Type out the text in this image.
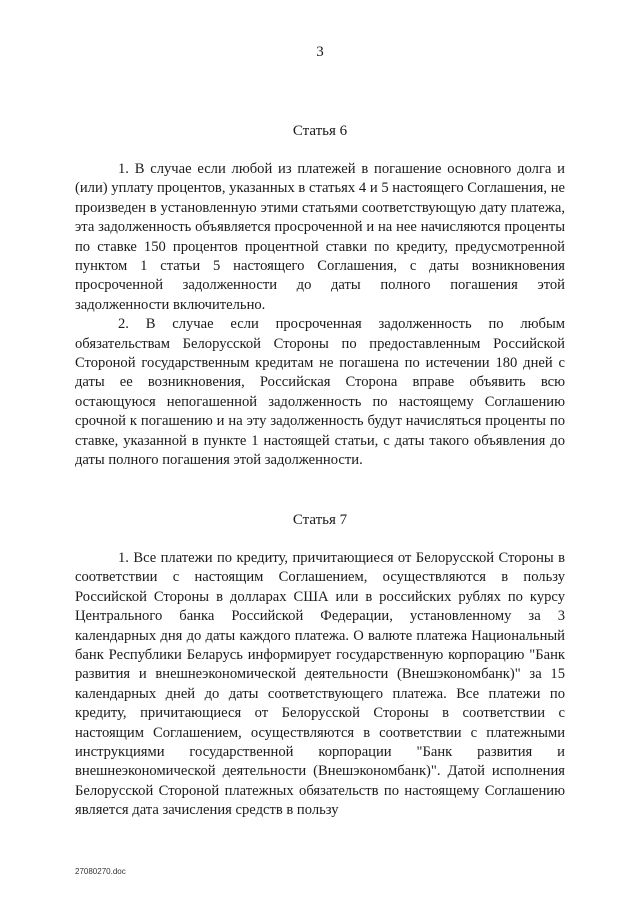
3
Статья 6

1. В случае если любой из платежей в погашение основного долга и (или) уплату процентов, указанных в статьях 4 и 5 настоящего Соглашения, не произведен в установленную этими статьями соответствующую дату платежа, эта задолженность объявляется просроченной и на нее начисляются проценты по ставке 150 процентов процентной ставки по кредиту, предусмотренной пунктом 1 статьи 5 настоящего Соглашения, с даты возникновения просроченной задолженности до даты полного погашения этой задолженности включительно.

2. В случае если просроченная задолженность по любым обязательствам Белорусской Стороны по предоставленным Российской Стороной государственным кредитам не погашена по истечении 180 дней с даты ее возникновения, Российская Сторона вправе объявить всю остающуюся непогашенной задолженность по настоящему Соглашению срочной к погашению и на эту задолженность будут начисляться проценты по ставке, указанной в пункте 1 настоящей статьи, с даты такого объявления до даты полного погашения этой задолженности.

Статья 7

1. Все платежи по кредиту, причитающиеся от Белорусской Стороны в соответствии с настоящим Соглашением, осуществляются в пользу Российской Стороны в долларах США или в российских рублях по курсу Центрального банка Российской Федерации, установленному за 3 календарных дня до даты каждого платежа. О валюте платежа Национальный банк Республики Беларусь информирует государственную корпорацию "Банк развития и внешнеэкономической деятельности (Внешэкономбанк)" за 15 календарных дней до даты соответствующего платежа. Все платежи по кредиту, причитающиеся от Белорусской Стороны в соответствии с настоящим Соглашением, осуществляются в соответствии с платежными инструкциями государственной корпорации "Банк развития и внешнеэкономической деятельности (Внешэкономбанк)". Датой исполнения Белорусской Стороной платежных обязательств по настоящему Соглашению является дата зачисления средств в пользу

27080270.doc
